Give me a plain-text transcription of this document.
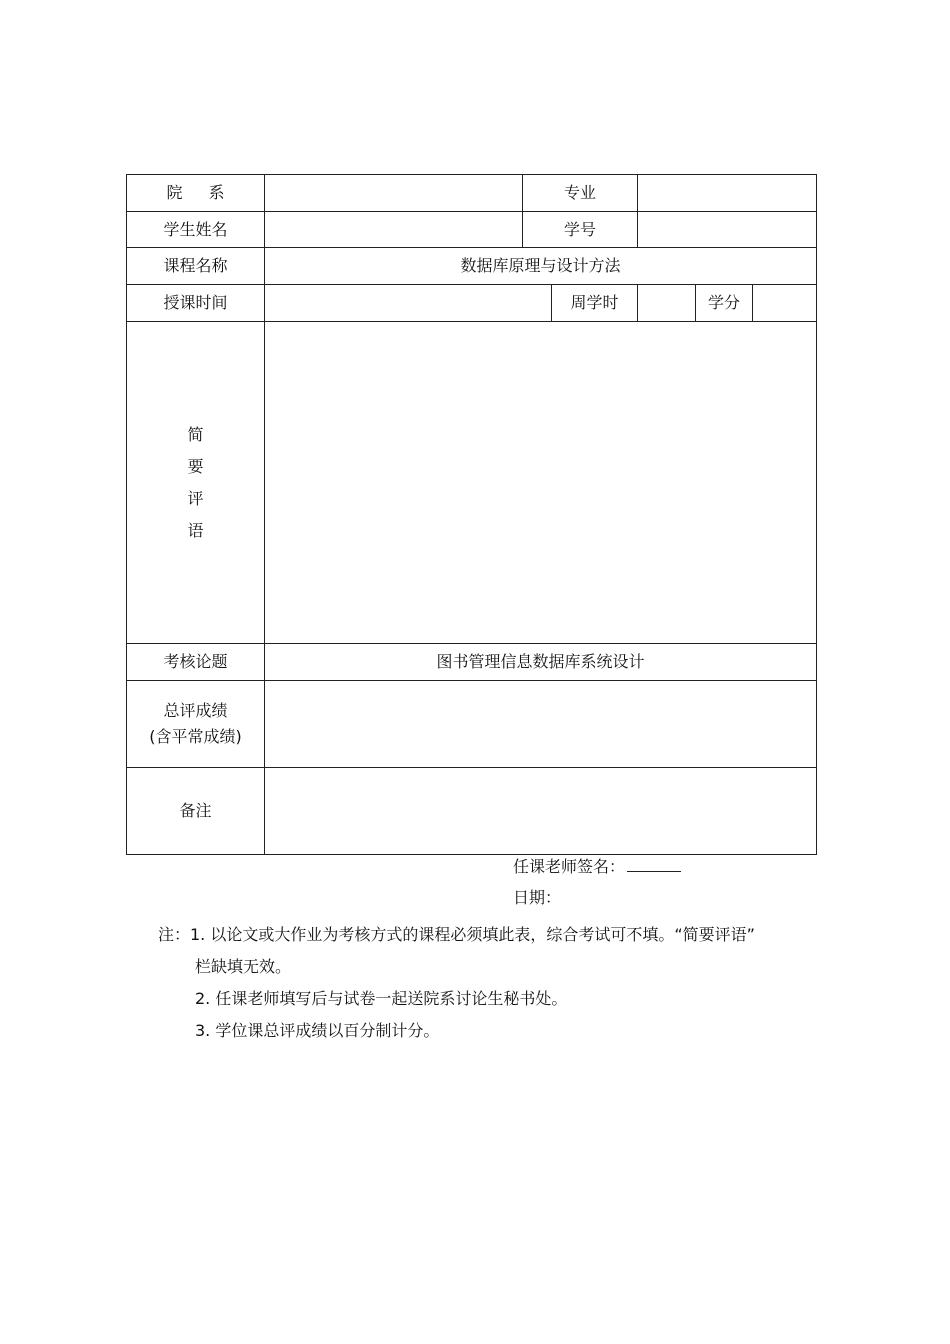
院 系		专业				
学生姓名		学号				
课程名称	数据库原理与设计方法					
授课时间			周学时		学分	

简
要
评
语						

考核论题	图书管理信息数据库系统设计					

总评成绩
(含平常成绩)						

备注						
任课老师签名：
日期：
注：1. 以论文或大作业为考核方式的课程必须填此表，综合考试可不填。“简要评语”
栏缺填无效。
2. 任课老师填写后与试卷一起送院系讨论生秘书处。
3. 学位课总评成绩以百分制计分。
